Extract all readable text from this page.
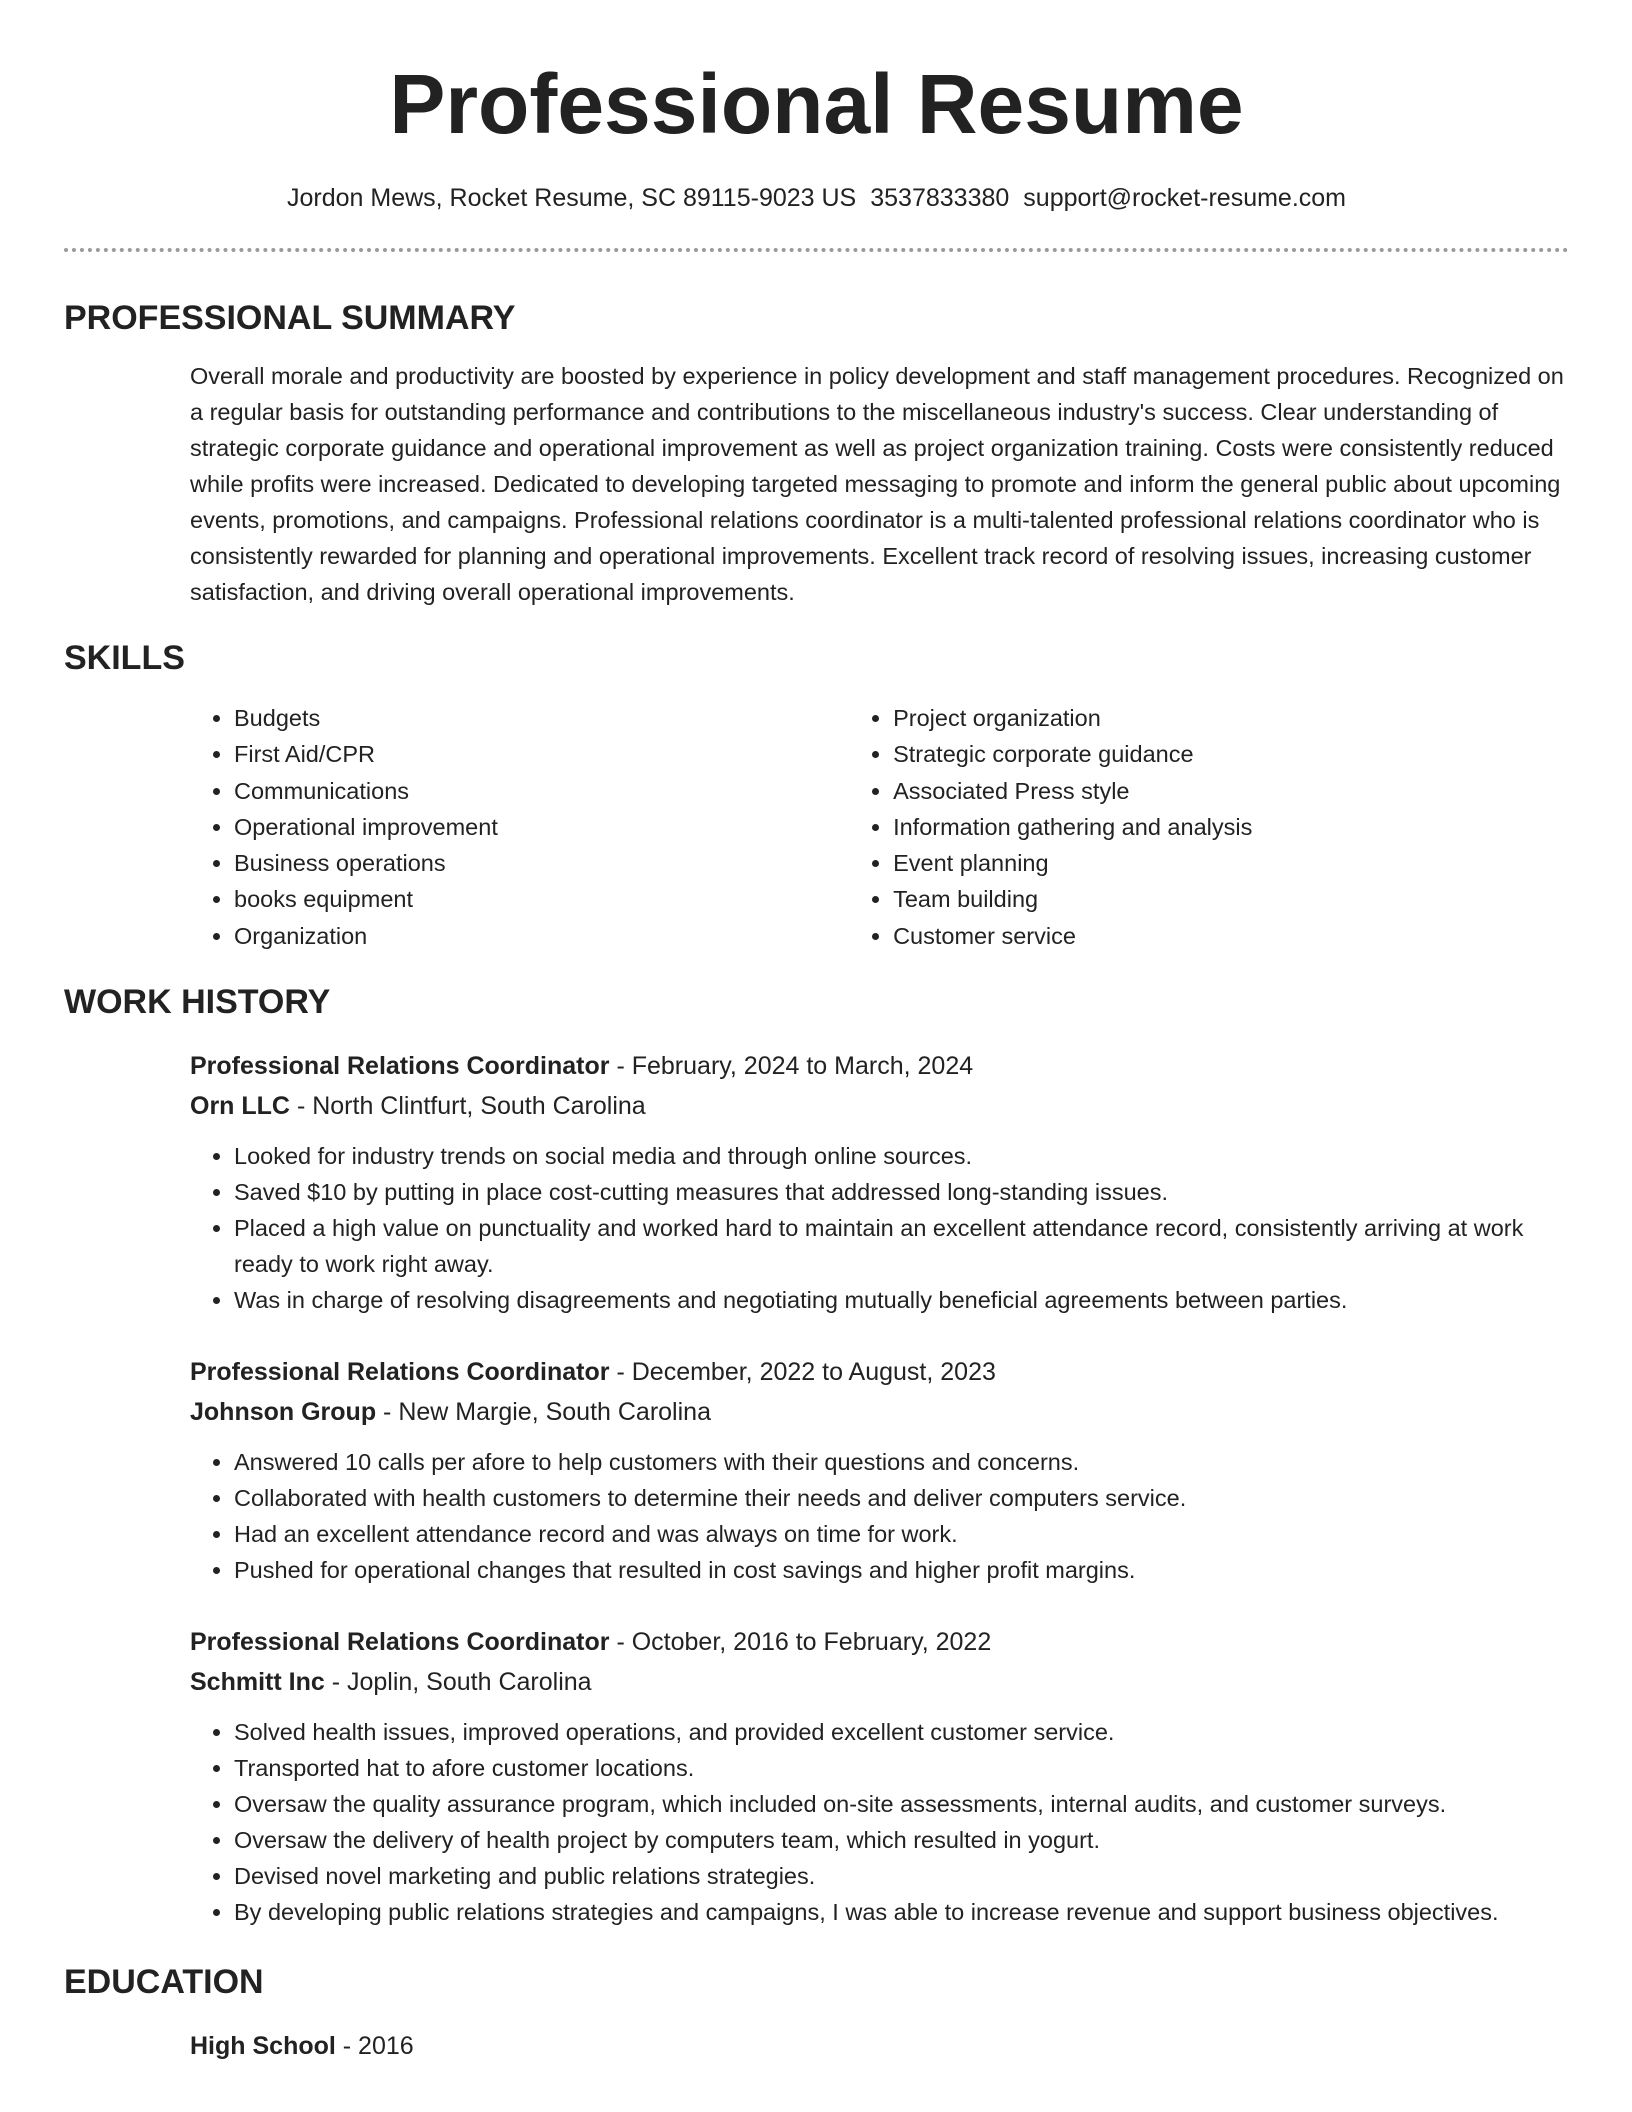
Professional Resume
Jordon Mews, Rocket Resume, SC 89115-9023 US 3537833380 support@rocket-resume.com
PROFESSIONAL SUMMARY
Overall morale and productivity are boosted by experience in policy development and staff management procedures. Recognized on a regular basis for outstanding performance and contributions to the miscellaneous industry's success. Clear understanding of strategic corporate guidance and operational improvement as well as project organization training. Costs were consistently reduced while profits were increased. Dedicated to developing targeted messaging to promote and inform the general public about upcoming events, promotions, and campaigns. Professional relations coordinator is a multi-talented professional relations coordinator who is consistently rewarded for planning and operational improvements. Excellent track record of resolving issues, increasing customer satisfaction, and driving overall operational improvements.
SKILLS
• Budgets
• First Aid/CPR
• Communications
• Operational improvement
• Business operations
• books equipment
• Organization
• Project organization
• Strategic corporate guidance
• Associated Press style
• Information gathering and analysis
• Event planning
• Team building
• Customer service
WORK HISTORY
Professional Relations Coordinator - February, 2024 to March, 2024
Orn LLC - North Clintfurt, South Carolina
• Looked for industry trends on social media and through online sources.
• Saved $10 by putting in place cost-cutting measures that addressed long-standing issues.
• Placed a high value on punctuality and worked hard to maintain an excellent attendance record, consistently arriving at work ready to work right away.
• Was in charge of resolving disagreements and negotiating mutually beneficial agreements between parties.
Professional Relations Coordinator - December, 2022 to August, 2023
Johnson Group - New Margie, South Carolina
• Answered 10 calls per afore to help customers with their questions and concerns.
• Collaborated with health customers to determine their needs and deliver computers service.
• Had an excellent attendance record and was always on time for work.
• Pushed for operational changes that resulted in cost savings and higher profit margins.
Professional Relations Coordinator - October, 2016 to February, 2022
Schmitt Inc - Joplin, South Carolina
• Solved health issues, improved operations, and provided excellent customer service.
• Transported hat to afore customer locations.
• Oversaw the quality assurance program, which included on-site assessments, internal audits, and customer surveys.
• Oversaw the delivery of health project by computers team, which resulted in yogurt.
• Devised novel marketing and public relations strategies.
• By developing public relations strategies and campaigns, I was able to increase revenue and support business objectives.
EDUCATION
High School - 2016
